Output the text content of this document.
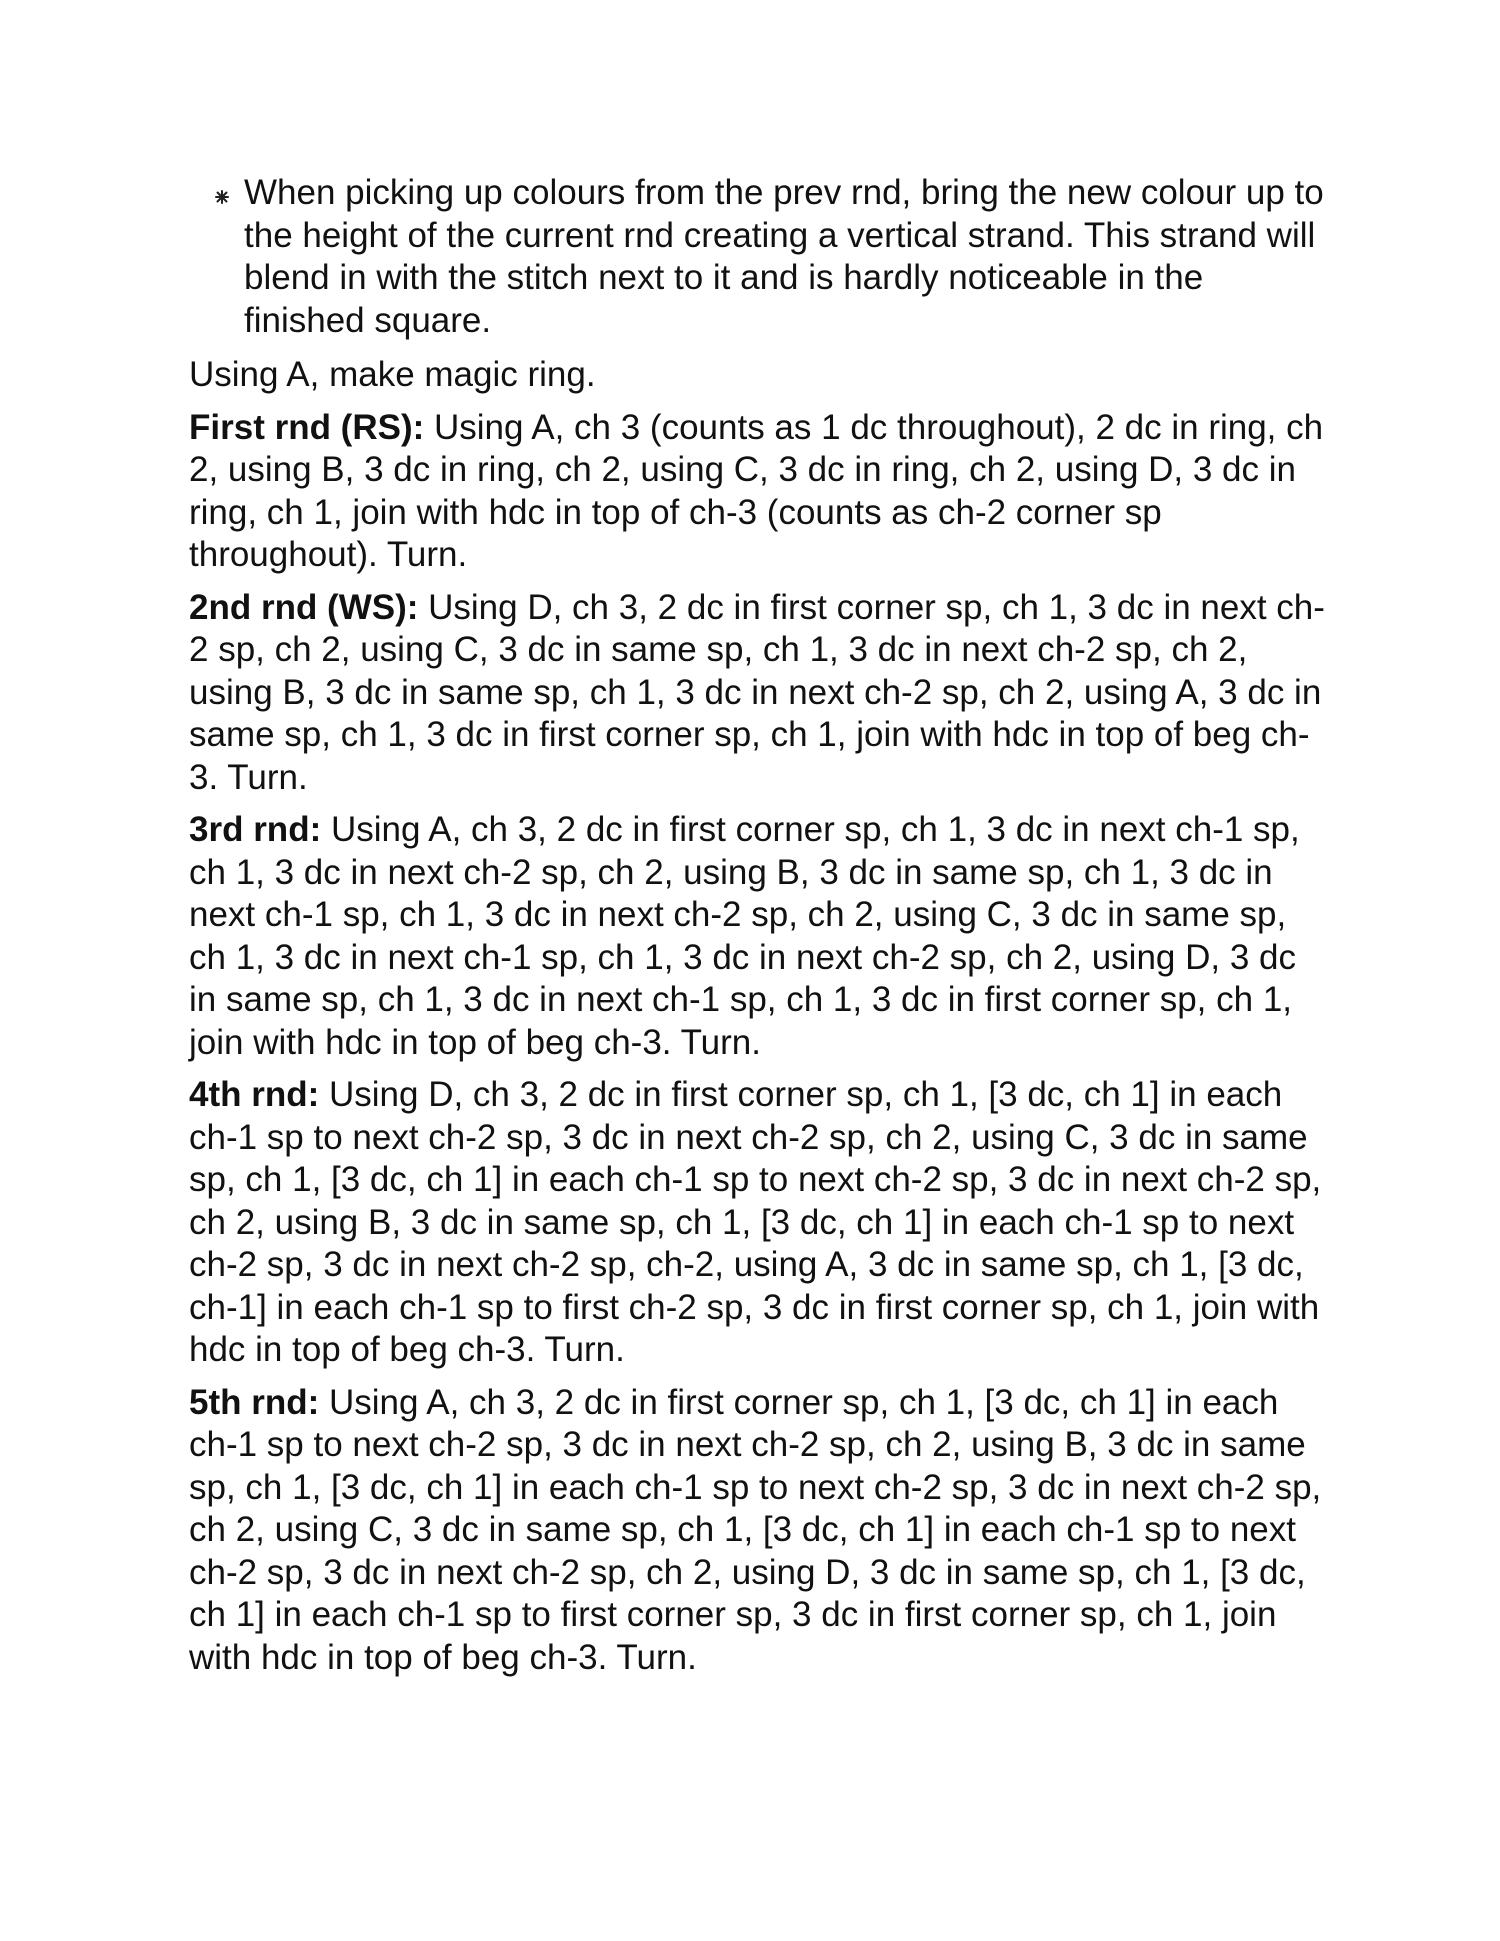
When picking up colours from the prev rnd, bring the new colour up to the height of the current rnd creating a vertical strand. This strand will blend in with the stitch next to it and is hardly noticeable in the finished square.

Using A, make magic ring.

First rnd (RS): Using A, ch 3 (counts as 1 dc throughout), 2 dc in ring, ch 2, using B, 3 dc in ring, ch 2, using C, 3 dc in ring, ch 2, using D, 3 dc in ring, ch 1, join with hdc in top of ch-3 (counts as ch-2 corner sp throughout). Turn.

2nd rnd (WS): Using D, ch 3, 2 dc in first corner sp, ch 1, 3 dc in next ch-2 sp, ch 2, using C, 3 dc in same sp, ch 1, 3 dc in next ch-2 sp, ch 2, using B, 3 dc in same sp, ch 1, 3 dc in next ch-2 sp, ch 2, using A, 3 dc in same sp, ch 1, 3 dc in first corner sp, ch 1, join with hdc in top of beg ch-3. Turn.

3rd rnd: Using A, ch 3, 2 dc in first corner sp, ch 1, 3 dc in next ch-1 sp, ch 1, 3 dc in next ch-2 sp, ch 2, using B, 3 dc in same sp, ch 1, 3 dc in next ch-1 sp, ch 1, 3 dc in next ch-2 sp, ch 2, using C, 3 dc in same sp, ch 1, 3 dc in next ch-1 sp, ch 1, 3 dc in next ch-2 sp, ch 2, using D, 3 dc in same sp, ch 1, 3 dc in next ch-1 sp, ch 1, 3 dc in first corner sp, ch 1, join with hdc in top of beg ch-3. Turn.

4th rnd: Using D, ch 3, 2 dc in first corner sp, ch 1, [3 dc, ch 1] in each ch-1 sp to next ch-2 sp, 3 dc in next ch-2 sp, ch 2, using C, 3 dc in same sp, ch 1, [3 dc, ch 1] in each ch-1 sp to next ch-2 sp, 3 dc in next ch-2 sp, ch 2, using B, 3 dc in same sp, ch 1, [3 dc, ch 1] in each ch-1 sp to next ch-2 sp, 3 dc in next ch-2 sp, ch-2, using A, 3 dc in same sp, ch 1, [3 dc, ch-1] in each ch-1 sp to first ch-2 sp, 3 dc in first corner sp, ch 1, join with hdc in top of beg ch-3. Turn.

5th rnd: Using A, ch 3, 2 dc in first corner sp, ch 1, [3 dc, ch 1] in each ch-1 sp to next ch-2 sp, 3 dc in next ch-2 sp, ch 2, using B, 3 dc in same sp, ch 1, [3 dc, ch 1] in each ch-1 sp to next ch-2 sp, 3 dc in next ch-2 sp, ch 2, using C, 3 dc in same sp, ch 1, [3 dc, ch 1] in each ch-1 sp to next ch-2 sp, 3 dc in next ch-2 sp, ch 2, using D, 3 dc in same sp, ch 1, [3 dc, ch 1] in each ch-1 sp to first corner sp, 3 dc in first corner sp, ch 1, join with hdc in top of beg ch-3. Turn.
